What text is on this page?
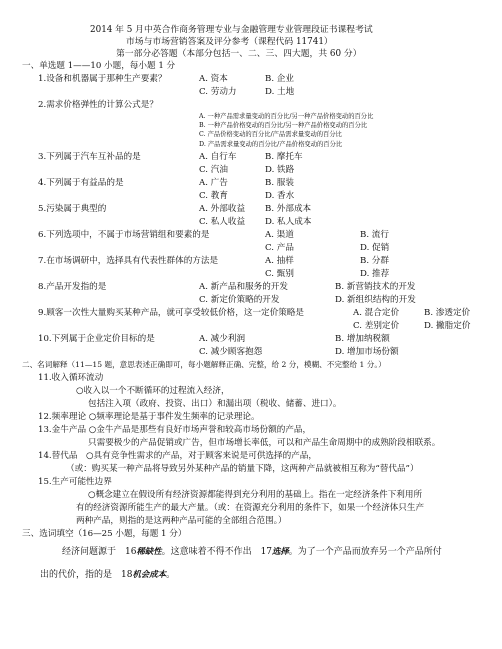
2014 年 5 月中英合作商务管理专业与金融管理专业管理段证书课程考试
市场与市场营销答案及评分参考（课程代码 11741）
第一部分必答题（本部分包括一、二、三、四大题，共 60 分）
一、单选题 1——10 小题，每小题 1 分
1.设备和机器属于那种生产要素？	A. 资本	B. 企业
C. 劳动力	D. 土地
2.需求价格弹性的计算公式是？
A. 一种产品需求量变动的百分比/另一种产品价格变动的百分比
B. 一种产品价格变动的百分比/另一种产品价格变动的百分比
C. 产品价格变动的百分比/产品需求量变动的百分比
D. 产品需求量变动的百分比/产品价格变动的百分比
3.下列属于汽车互补品的是	A. 自行车	B. 摩托车
C. 汽油	D. 铁路
4.下列属于有益品的是	A. 广告	B. 服装
C. 教育	D. 香水
5.污染属于典型的	A. 外部收益 B. 外部成本
C. 私人收益 D. 私人成本
6.下列选项中，不属于市场营销组和要素的是	A. 渠道	B. 流行
C. 产品	D. 促销
7.在市场调研中，选择具有代表性群体的方法是	A. 抽样	B. 分群
C. 甄别	D. 推荐
8.产品开发指的是	A. 新产品和服务的开发	B. 新营销技术的开发
C. 新定价策略的开发	D. 新组织结构的开发
9.顾客一次性大量购买某种产品，就可享受较低价格，这一定价策略是	A. 混合定价	B. 渗透定价
C. 差别定价	D. 撇脂定价
10.下列属于企业定价目标的是	A. 减少利润	B. 增加纳税额
C. 减少顾客抱怨	D. 增加市场份额
二、名词解释（11—15 题，意思表述正确即可，每小题解释正确、完整，给 2 分，模糊、不完整给 1 分。）
11.收入循环流动
○收入以一个不断循环的过程流入经济，
包括注入项（政府、投资、出口）和漏出项（税收、储蓄、进口）。
12.频率理论 ○频率理论是基于事件发生频率的记录理论。
13.金牛产品 ○金牛产品是那些有良好市场声誉和较高市场份额的产品，
只需要极少的产品促销或广告，但市场增长率低，可以和产品生命周期中的成熟阶段相联系。
14.替代品　○具有竞争性需求的产品，对于顾客来说是可供选择的产品，
（或：购买某一种产品将导致另外某种产品的销量下降，这两种产品就被相互称为“替代品”）
15.生产可能性边界
○概念建立在假设所有经济资源都能得到充分利用的基础上。指在一定经济条件下利用所
有的经济资源所能生产的最大产量。（或：在资源充分利用的条件下，如果一个经济体只生产
两种产品，则指的是这两种产品可能的全部组合范围。）
三、选词填空（16—25 小题，每题 1 分）
经济问题源于　16稀缺性。这意味着不得不作出　17选择。为了一个产品而放弃另一个产品所付
出的代价，指的是　18机会成本。
